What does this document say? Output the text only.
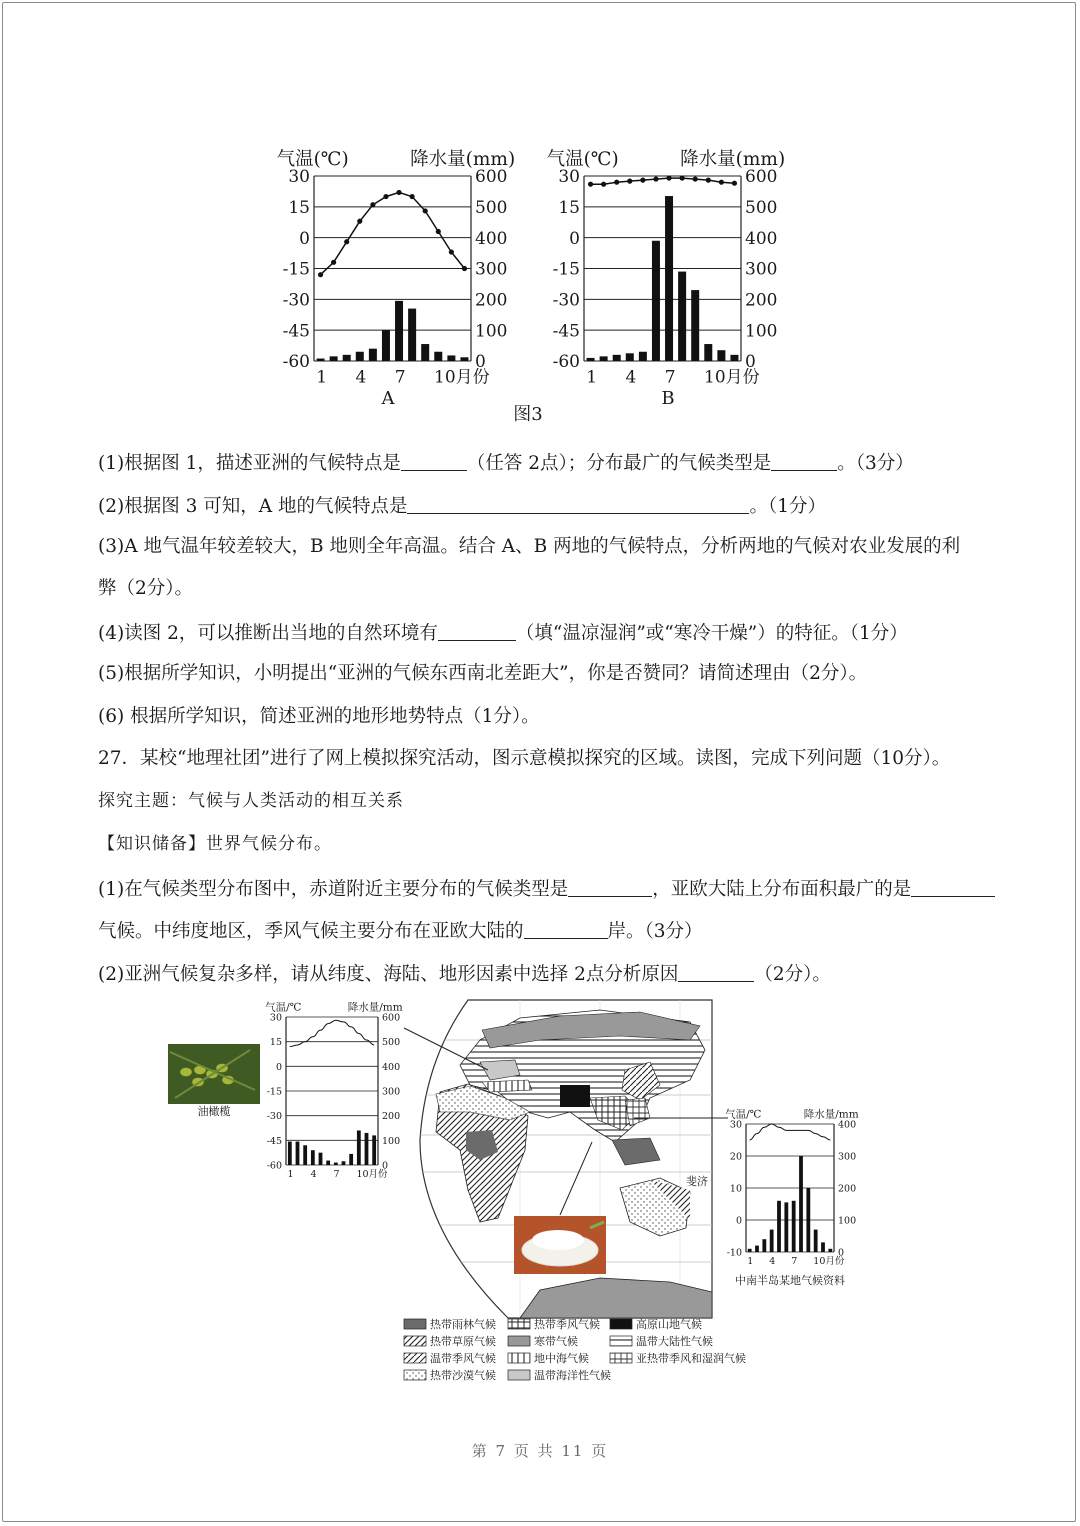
30
15
0
-15
-30
-45
-60
600
500
400
300
200
100
0
1 4 7 10月份
气温(℃)	降水量(mm)
30
15
0
-15
-30
-45
-60
600
500
400
300
200
100
0
1 4 7 10月份
气温(℃)	降水量(mm)
A	B
图3
(1)根据图 1，描述亚洲的气候特点是	（任答 2点）；分布最广的气候类型是	。（3分）
(2)根据图 3 可知，A 地的气候特点是	。（1分）
(3)A 地气温年较差较大，B 地则全年高温。结合 A、B 两地的气候特点，分析两地的气候对农业发展的利
弊（2分）。
(4)读图 2，可以推断出当地的自然环境有	（填“温凉湿润”或“寒冷干燥”）的特征。（1分）
(5)根据所学知识，小明提出“亚洲的气候东西南北差距大”，你是否赞同？请简述理由（2分）。
(6) 根据所学知识，简述亚洲的地形地势特点（1分）。
27．某校“地理社团”进行了网上模拟探究活动，图示意模拟探究的区域。读图，完成下列问题（10分）。
探究主题：气候与人类活动的相互关系
【知识储备】世界气候分布。
(1)在气候类型分布图中，赤道附近主要分布的气候类型是	，亚欧大陆上分布面积最广的是
气候。中纬度地区，季风气候主要分布在亚欧大陆的	岸。（3分）
(2)亚洲气候复杂多样，请从纬度、海陆、地形因素中选择 2点分析原因	（2分）。
斐济
油橄榄
30
15
0
-15
-30
-45
-60
600
500
400
300
200
100
0
1 4 7 10月份
气温/℃	降水量/mm
30
20
10
0
-10
400
300
200
100
0
1 4 7 10月份
气温/℃	降水量/mm
中南半岛某地气候资料
热带雨林气候	热带季风气候	高原山地气候
热带草原气候	寒带气候	温带大陆性气候
温带季风气候	地中海气候	亚热带季风和湿润气候
热带沙漠气候	温带海洋性气候
第 7 页 共 11 页
